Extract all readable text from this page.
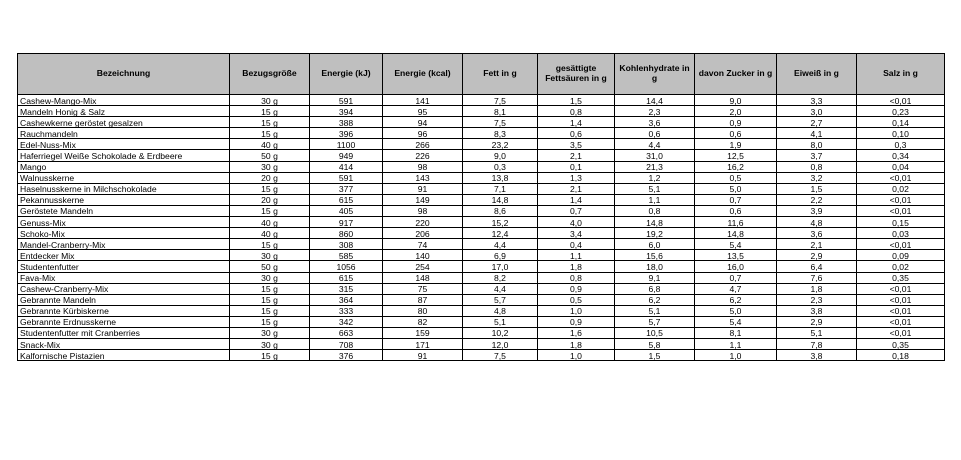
Bezeichnung	Bezugsgröße	Energie (kJ)	Energie (kcal)	Fett in g	gesättigte Fettsäuren in g	Kohlenhydrate in g	davon Zucker in g	Eiweiß in g	Salz in g
Cashew-Mango-Mix	30 g	591	141	7,5	1,5	14,4	9,0	3,3	<0,01
Mandeln Honig & Salz	15 g	394	95	8,1	0,8	2,3	2,0	3,0	0,23
Cashewkerne geröstet gesalzen	15 g	388	94	7,5	1,4	3,6	0,9	2,7	0,14
Rauchmandeln	15 g	396	96	8,3	0,6	0,6	0,6	4,1	0,10
Edel-Nuss-Mix	40 g	1100	266	23,2	3,5	4,4	1,9	8,0	0,3
Haferriegel Weiße Schokolade & Erdbeere	50 g	949	226	9,0	2,1	31,0	12,5	3,7	0,34
Mango	30 g	414	98	0,3	0,1	21,3	16,2	0,8	0,04
Walnusskerne	20 g	591	143	13,8	1,3	1,2	0,5	3,2	<0,01
Haselnusskerne in Milchschokolade	15 g	377	91	7,1	2,1	5,1	5,0	1,5	0,02
Pekannusskerne	20 g	615	149	14,8	1,4	1,1	0,7	2,2	<0,01
Geröstete Mandeln	15 g	405	98	8,6	0,7	0,8	0,6	3,9	<0,01
Genuss-Mix	40 g	917	220	15,2	4,0	14,8	11,6	4,8	0,15
Schoko-Mix	40 g	860	206	12,4	3,4	19,2	14,8	3,6	0,03
Mandel-Cranberry-Mix	15 g	308	74	4,4	0,4	6,0	5,4	2,1	<0,01
Entdecker Mix	30 g	585	140	6,9	1,1	15,6	13,5	2,9	0,09
Studentenfutter	50 g	1056	254	17,0	1,8	18,0	16,0	6,4	0,02
Fava-Mix	30 g	615	148	8,2	0,8	9,1	0,7	7,6	0,35
Cashew-Cranberry-Mix	15 g	315	75	4,4	0,9	6,8	4,7	1,8	<0,01
Gebrannte Mandeln	15 g	364	87	5,7	0,5	6,2	6,2	2,3	<0,01
Gebrannte Kürbiskerne	15 g	333	80	4,8	1,0	5,1	5,0	3,8	<0,01
Gebrannte Erdnusskerne	15 g	342	82	5,1	0,9	5,7	5,4	2,9	<0,01
Studentenfutter mit Cranberries	30 g	663	159	10,2	1,6	10,5	8,1	5,1	<0,01
Snack-Mix	30 g	708	171	12,0	1,8	5,8	1,1	7,8	0,35
Kalfornische Pistazien	15 g	376	91	7,5	1,0	1,5	1,0	3,8	0,18
